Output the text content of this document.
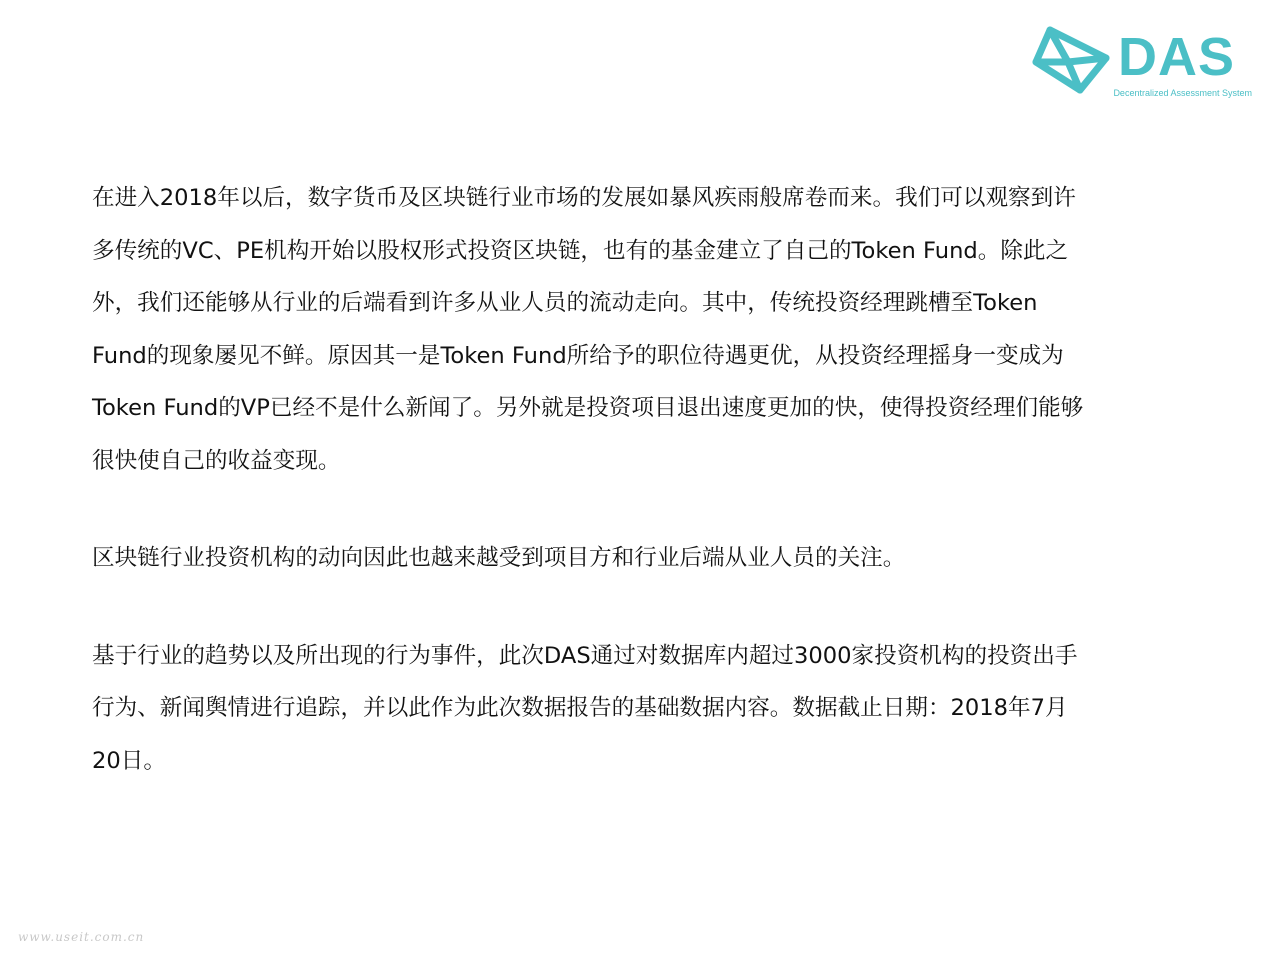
DAS
Decentralized Assessment System

在进入2018年以后，数字货币及区块链行业市场的发展如暴风疾雨般席卷而来。我们可以观察到许
多传统的VC、PE机构开始以股权形式投资区块链，也有的基金建立了自己的Token Fund。除此之
外，我们还能够从行业的后端看到许多从业人员的流动走向。其中，传统投资经理跳槽至Token
Fund的现象屡见不鲜。原因其一是Token Fund所给予的职位待遇更优，从投资经理摇身一变成为
Token Fund的VP已经不是什么新闻了。另外就是投资项目退出速度更加的快，使得投资经理们能够
很快使自己的收益变现。

区块链行业投资机构的动向因此也越来越受到项目方和行业后端从业人员的关注。

基于行业的趋势以及所出现的行为事件，此次DAS通过对数据库内超过3000家投资机构的投资出手
行为、新闻舆情进行追踪，并以此作为此次数据报告的基础数据内容。数据截止日期：2018年7月
20日。

www.useit.com.cn
